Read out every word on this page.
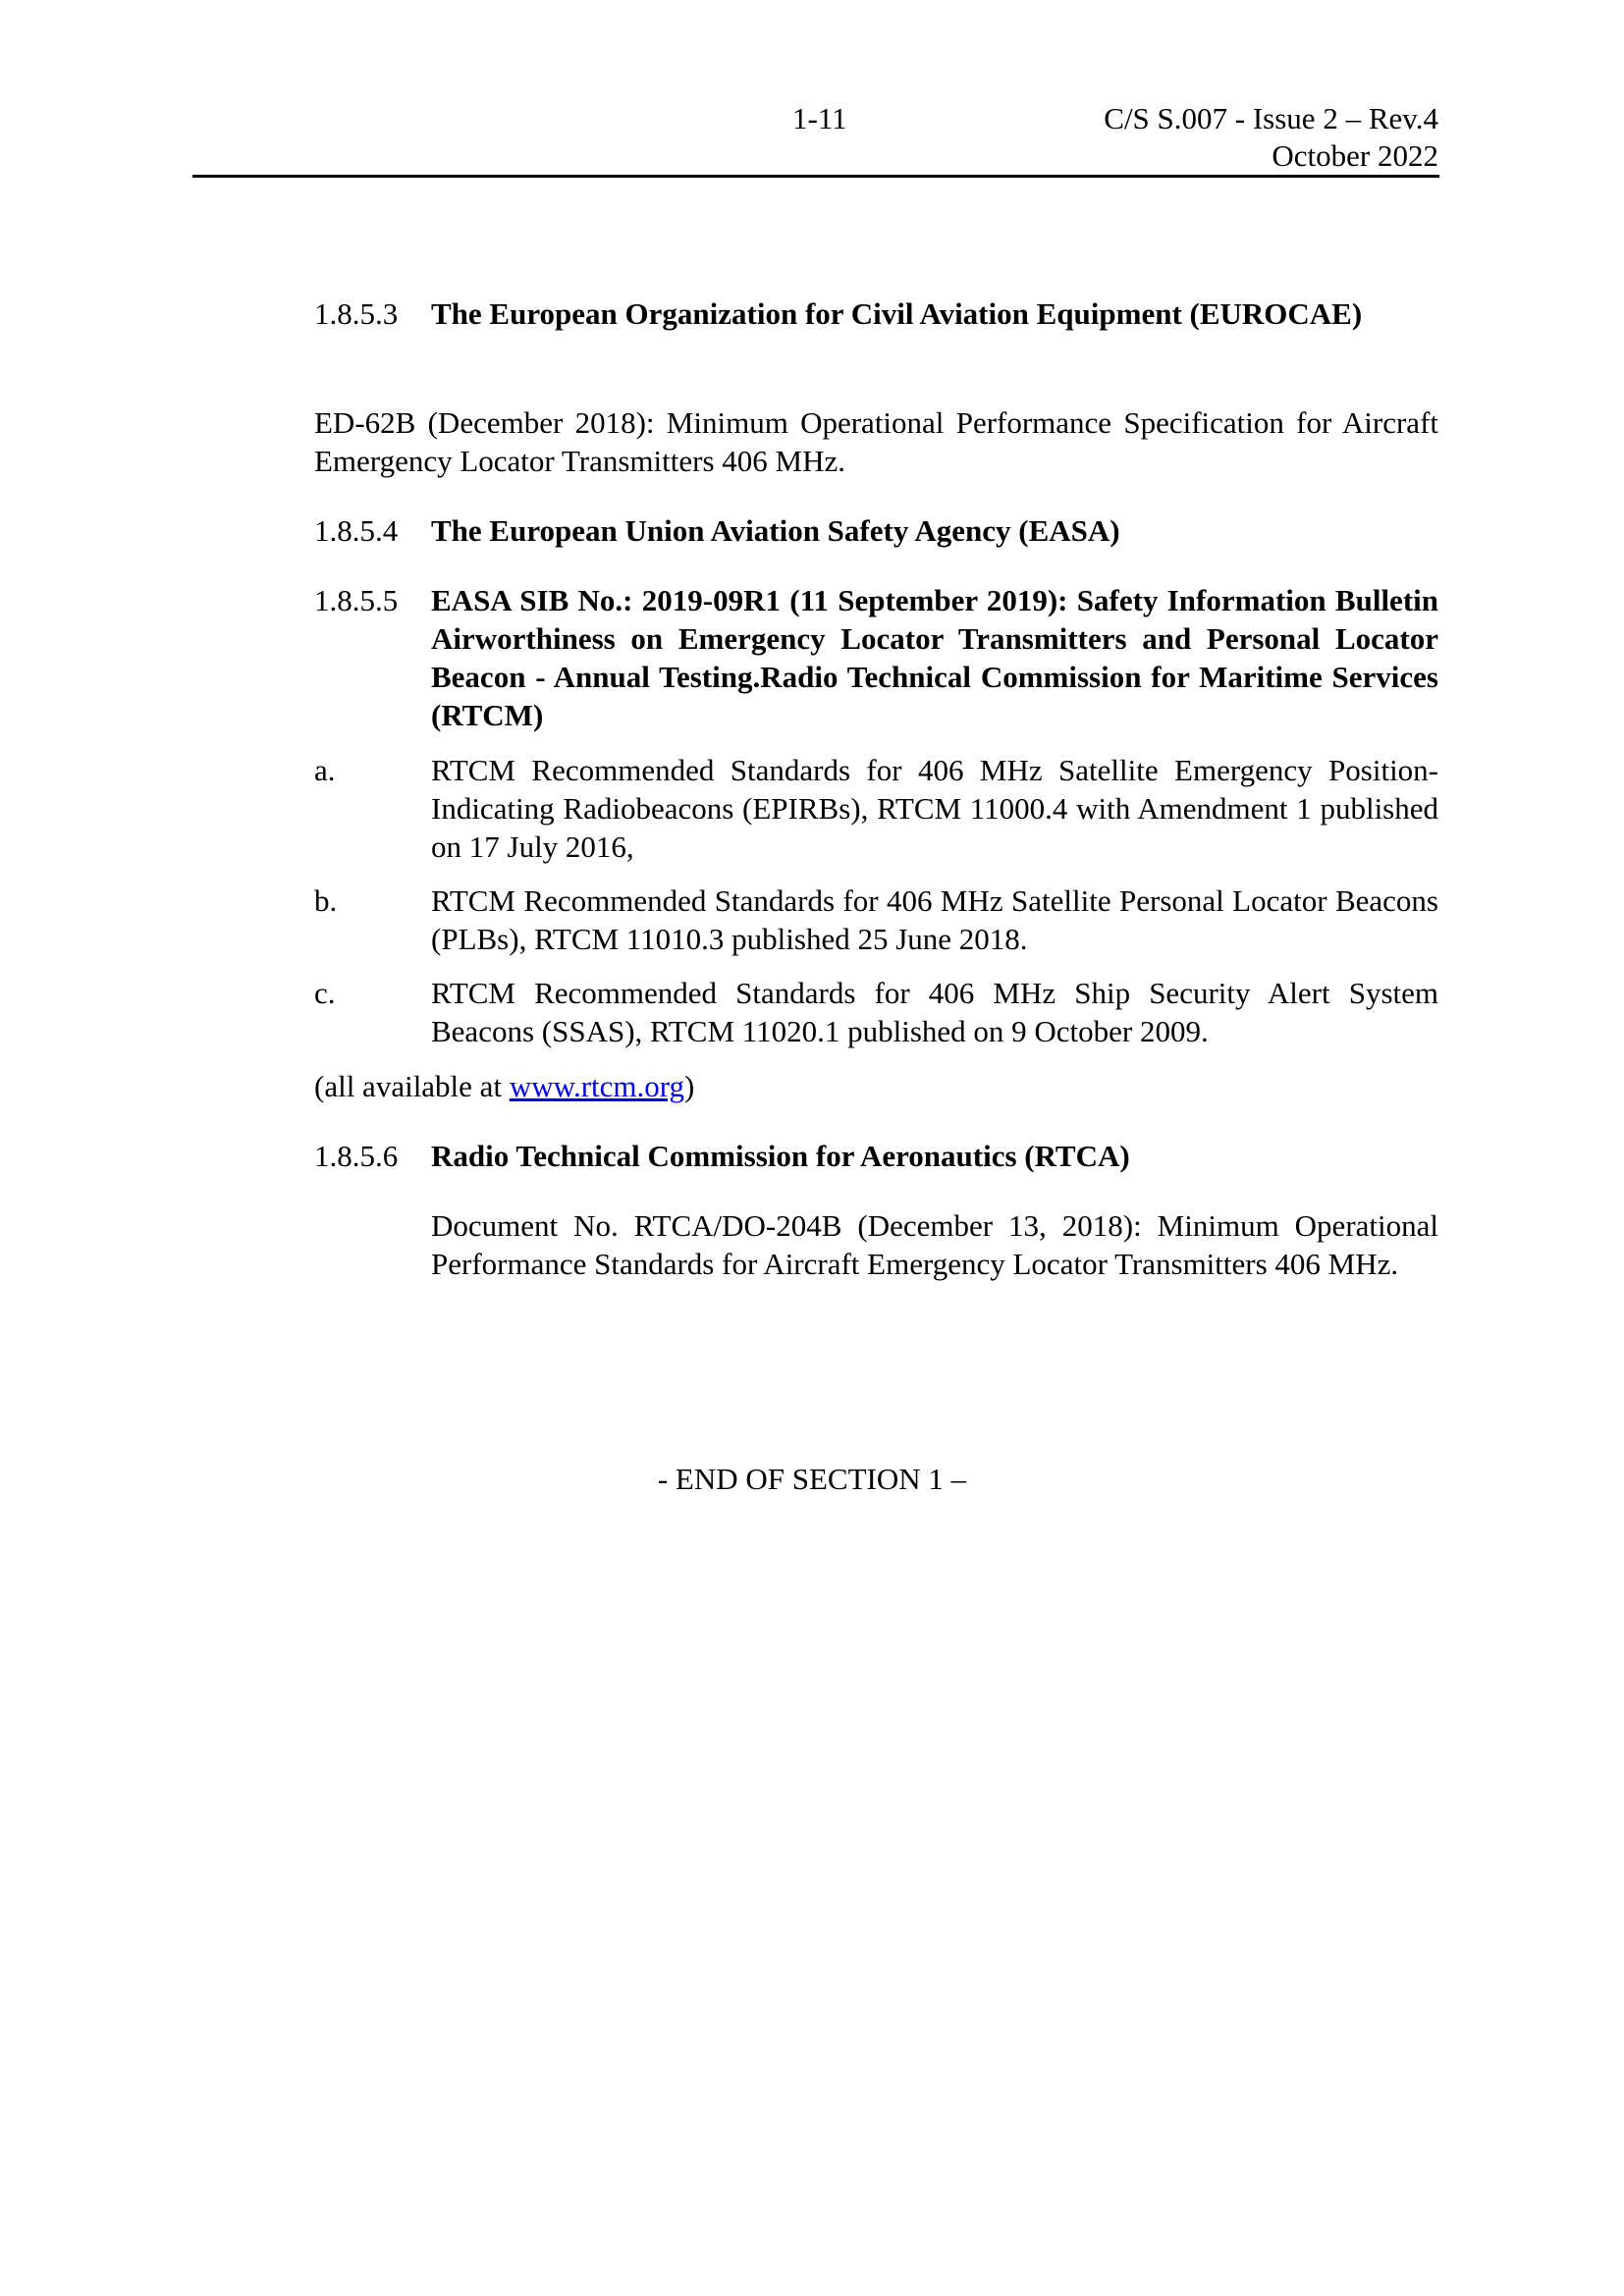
1-11	C/S S.007 - Issue 2 – Rev.4
October 2022
1.8.5.3 The European Organization for Civil Aviation Equipment (EUROCAE)
ED-62B (December 2018): Minimum Operational Performance Specification for Aircraft Emergency Locator Transmitters 406 MHz.
1.8.5.4 The European Union Aviation Safety Agency (EASA)
1.8.5.5 EASA SIB No.: 2019-09R1 (11 September 2019): Safety Information Bulletin Airworthiness on Emergency Locator Transmitters and Personal Locator Beacon - Annual Testing.Radio Technical Commission for Maritime Services (RTCM)
a.	RTCM Recommended Standards for 406 MHz Satellite Emergency Position-Indicating Radiobeacons (EPIRBs), RTCM 11000.4 with Amendment 1 published on 17 July 2016,
b.	RTCM Recommended Standards for 406 MHz Satellite Personal Locator Beacons (PLBs), RTCM 11010.3 published 25 June 2018.
c.	RTCM Recommended Standards for 406 MHz Ship Security Alert System Beacons (SSAS), RTCM 11020.1 published on 9 October 2009.
(all available at www.rtcm.org)
1.8.5.6 Radio Technical Commission for Aeronautics (RTCA)
Document No. RTCA/DO-204B (December 13, 2018): Minimum Operational Performance Standards for Aircraft Emergency Locator Transmitters 406 MHz.
- END OF SECTION 1 –
